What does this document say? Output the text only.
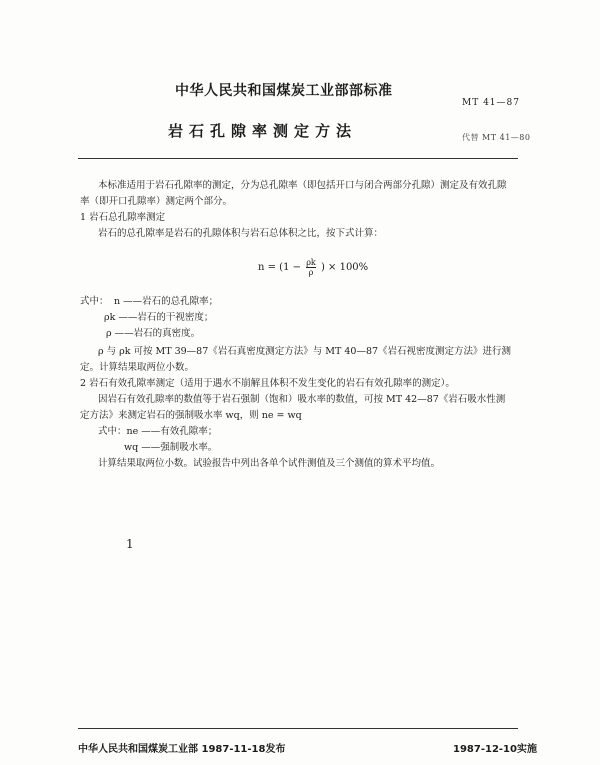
中华人民共和国煤炭工业部部标准
MT 41—87
岩石孔隙率测定方法	代替 MT 41—80
本标准适用于岩石孔隙率的测定，分为总孔隙率（即包括开口与闭合两部分孔隙）测定及有效孔隙
率（即开口孔隙率）测定两个部分。
1 岩石总孔隙率测定
岩石的总孔隙率是岩石的孔隙体积与岩石总体积之比，按下式计算：
$n = (1 - \frac{\rho k}{\rho}$ ) × 100%
式中： n ——岩石的总孔隙率；
ρk ——岩石的干视密度；
ρ ——岩石的真密度。
ρ 与 ρk 可按 MT 39—87《岩石真密度测定方法》与 MT 40—87《岩石视密度测定方法》进行测
定。计算结果取两位小数。
2 岩石有效孔隙率测定（适用于遇水不崩解且体积不发生变化的岩石有效孔隙率的测定）。
因岩石有效孔隙率的数值等于岩石强制（饱和）吸水率的数值，可按 MT 42—87《岩石吸水性测
定方法》来测定岩石的强制吸水率 wq，则 ne = wq
式中：ne ——有效孔隙率；
wq ——强制吸水率。
计算结果取两位小数。试验报告中列出各单个试件测值及三个测值的算术平均值。
1
中华人民共和国煤炭工业部 1987-11-18发布	1987-12-10实施
